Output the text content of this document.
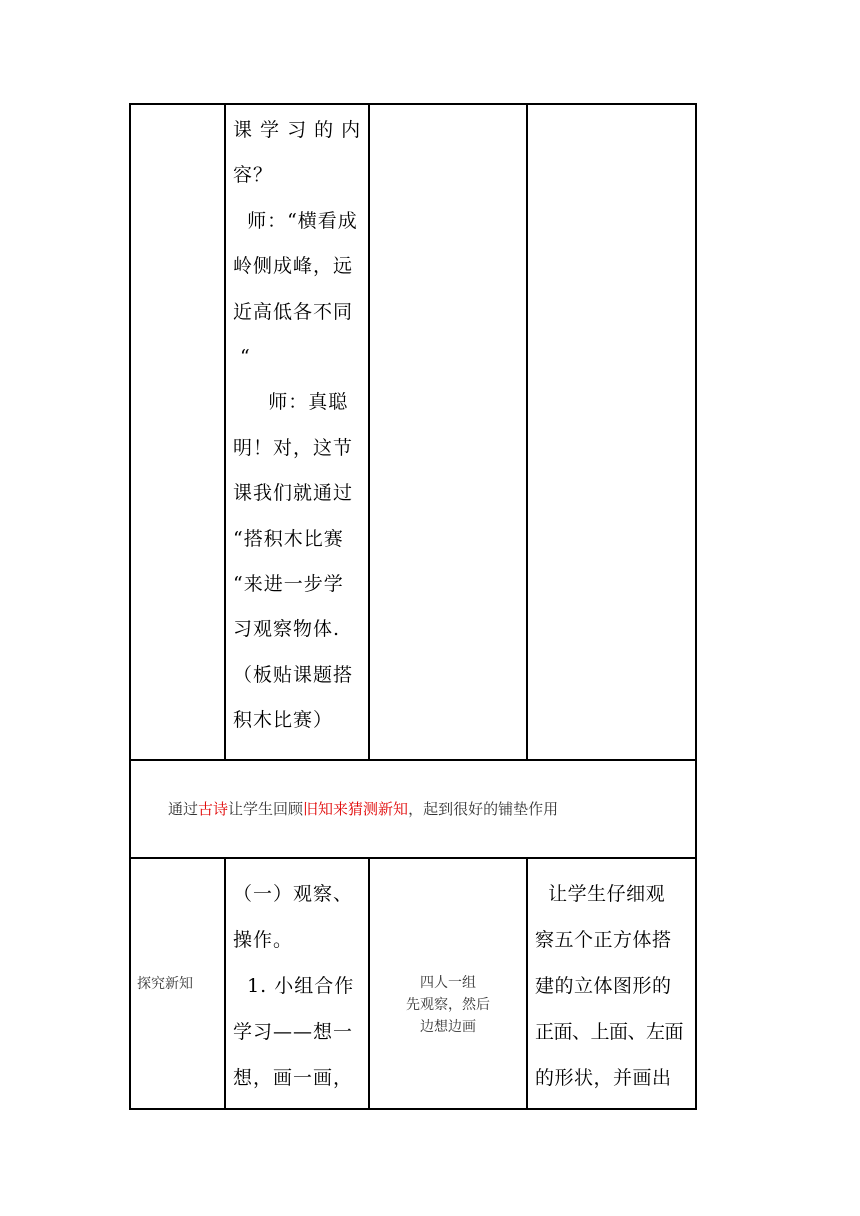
课 学 习 的 内
容？
师：“横看成
岭侧成峰，远
近高低各不同
“
师：真聪
明！对，这节
课我们就通过
“搭积木比赛
“来进一步学
习观察物体.
（板贴课题搭
积木比赛）
通过古诗让学生回顾旧知来猜测新知，起到很好的铺垫作用
探究新知
（一）观察、
操作。
1. 小组合作
学习——想一
想，画一画，
四人一组
先观察，然后
边想边画
让学生仔细观
察五个正方体搭
建的立体图形的
正面、上面、左面
的形状，并画出
